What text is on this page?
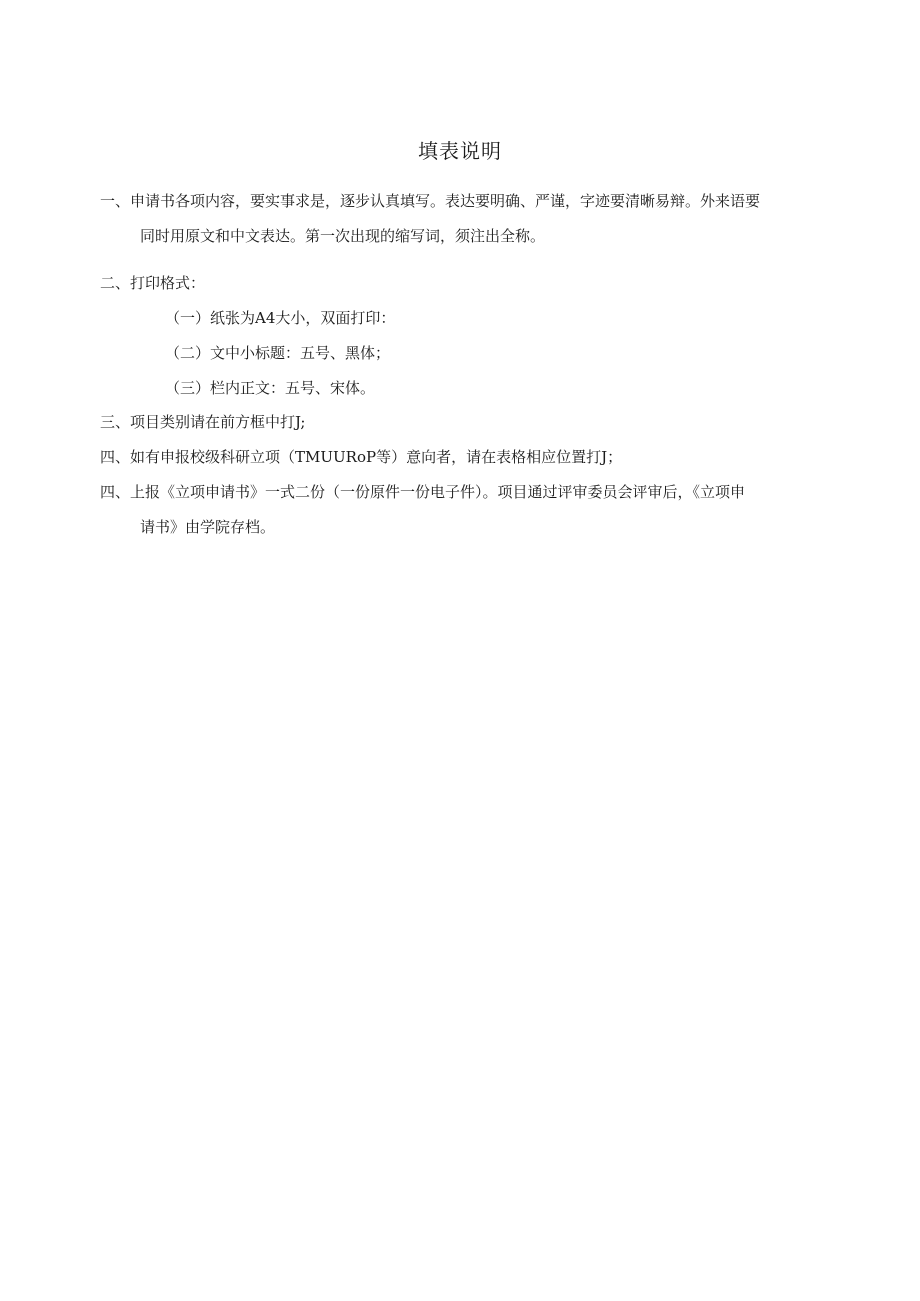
填表说明
一、申请书各项内容，要实事求是，逐步认真填写。表达要明确、严谨，字迹要清晰易辩。外来语要
同时用原文和中文表达。第一次出现的缩写词，须注出全称。
二、打印格式：
（一）纸张为A4大小，双面打印：
（二）文中小标题：五号、黑体；
（三）栏内正文：五号、宋体。
三、项目类别请在前方框中打J;
四、如有申报校级科研立项（TMUURoP等）意向者，请在表格相应位置打J；
四、上报《立项申请书》一式二份（一份原件一份电子件）。项目通过评审委员会评审后，《立项申
请书》由学院存档。
